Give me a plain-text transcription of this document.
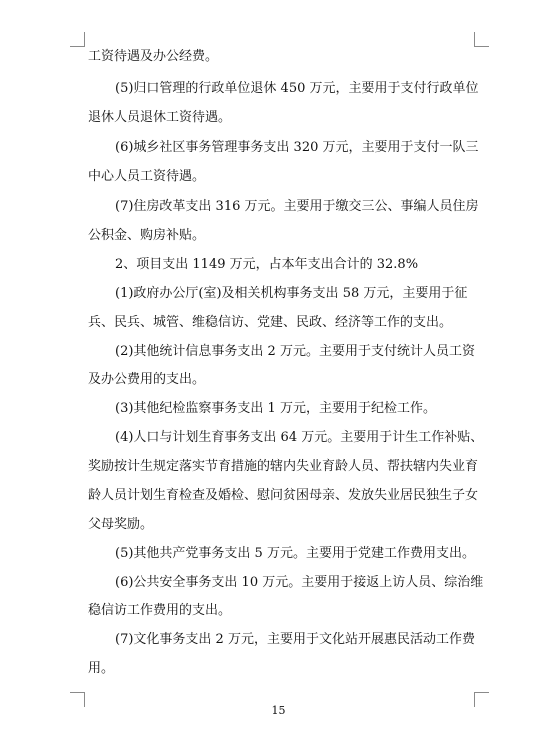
工资待遇及办公经费。
(5)归口管理的行政单位退休 450 万元，主要用于支付行政单位
退休人员退休工资待遇。
(6)城乡社区事务管理事务支出 320 万元，主要用于支付一队三
中心人员工资待遇。
(7)住房改革支出 316 万元。主要用于缴交三公、事编人员住房
公积金、购房补贴。
2、项目支出 1149 万元，占本年支出合计的 32.8%
(1)政府办公厅(室)及相关机构事务支出 58 万元，主要用于征
兵、民兵、城管、维稳信访、党建、民政、经济等工作的支出。
(2)其他统计信息事务支出 2 万元。主要用于支付统计人员工资
及办公费用的支出。
(3)其他纪检监察事务支出 1 万元，主要用于纪检工作。
(4)人口与计划生育事务支出 64 万元。主要用于计生工作补贴、
奖励按计生规定落实节育措施的辖内失业育龄人员、帮扶辖内失业育
龄人员计划生育检查及婚检、慰问贫困母亲、发放失业居民独生子女
父母奖励。
(5)其他共产党事务支出 5 万元。主要用于党建工作费用支出。
(6)公共安全事务支出 10 万元。主要用于接返上访人员、综治维
稳信访工作费用的支出。
(7)文化事务支出 2 万元，主要用于文化站开展惠民活动工作费
用。
15
